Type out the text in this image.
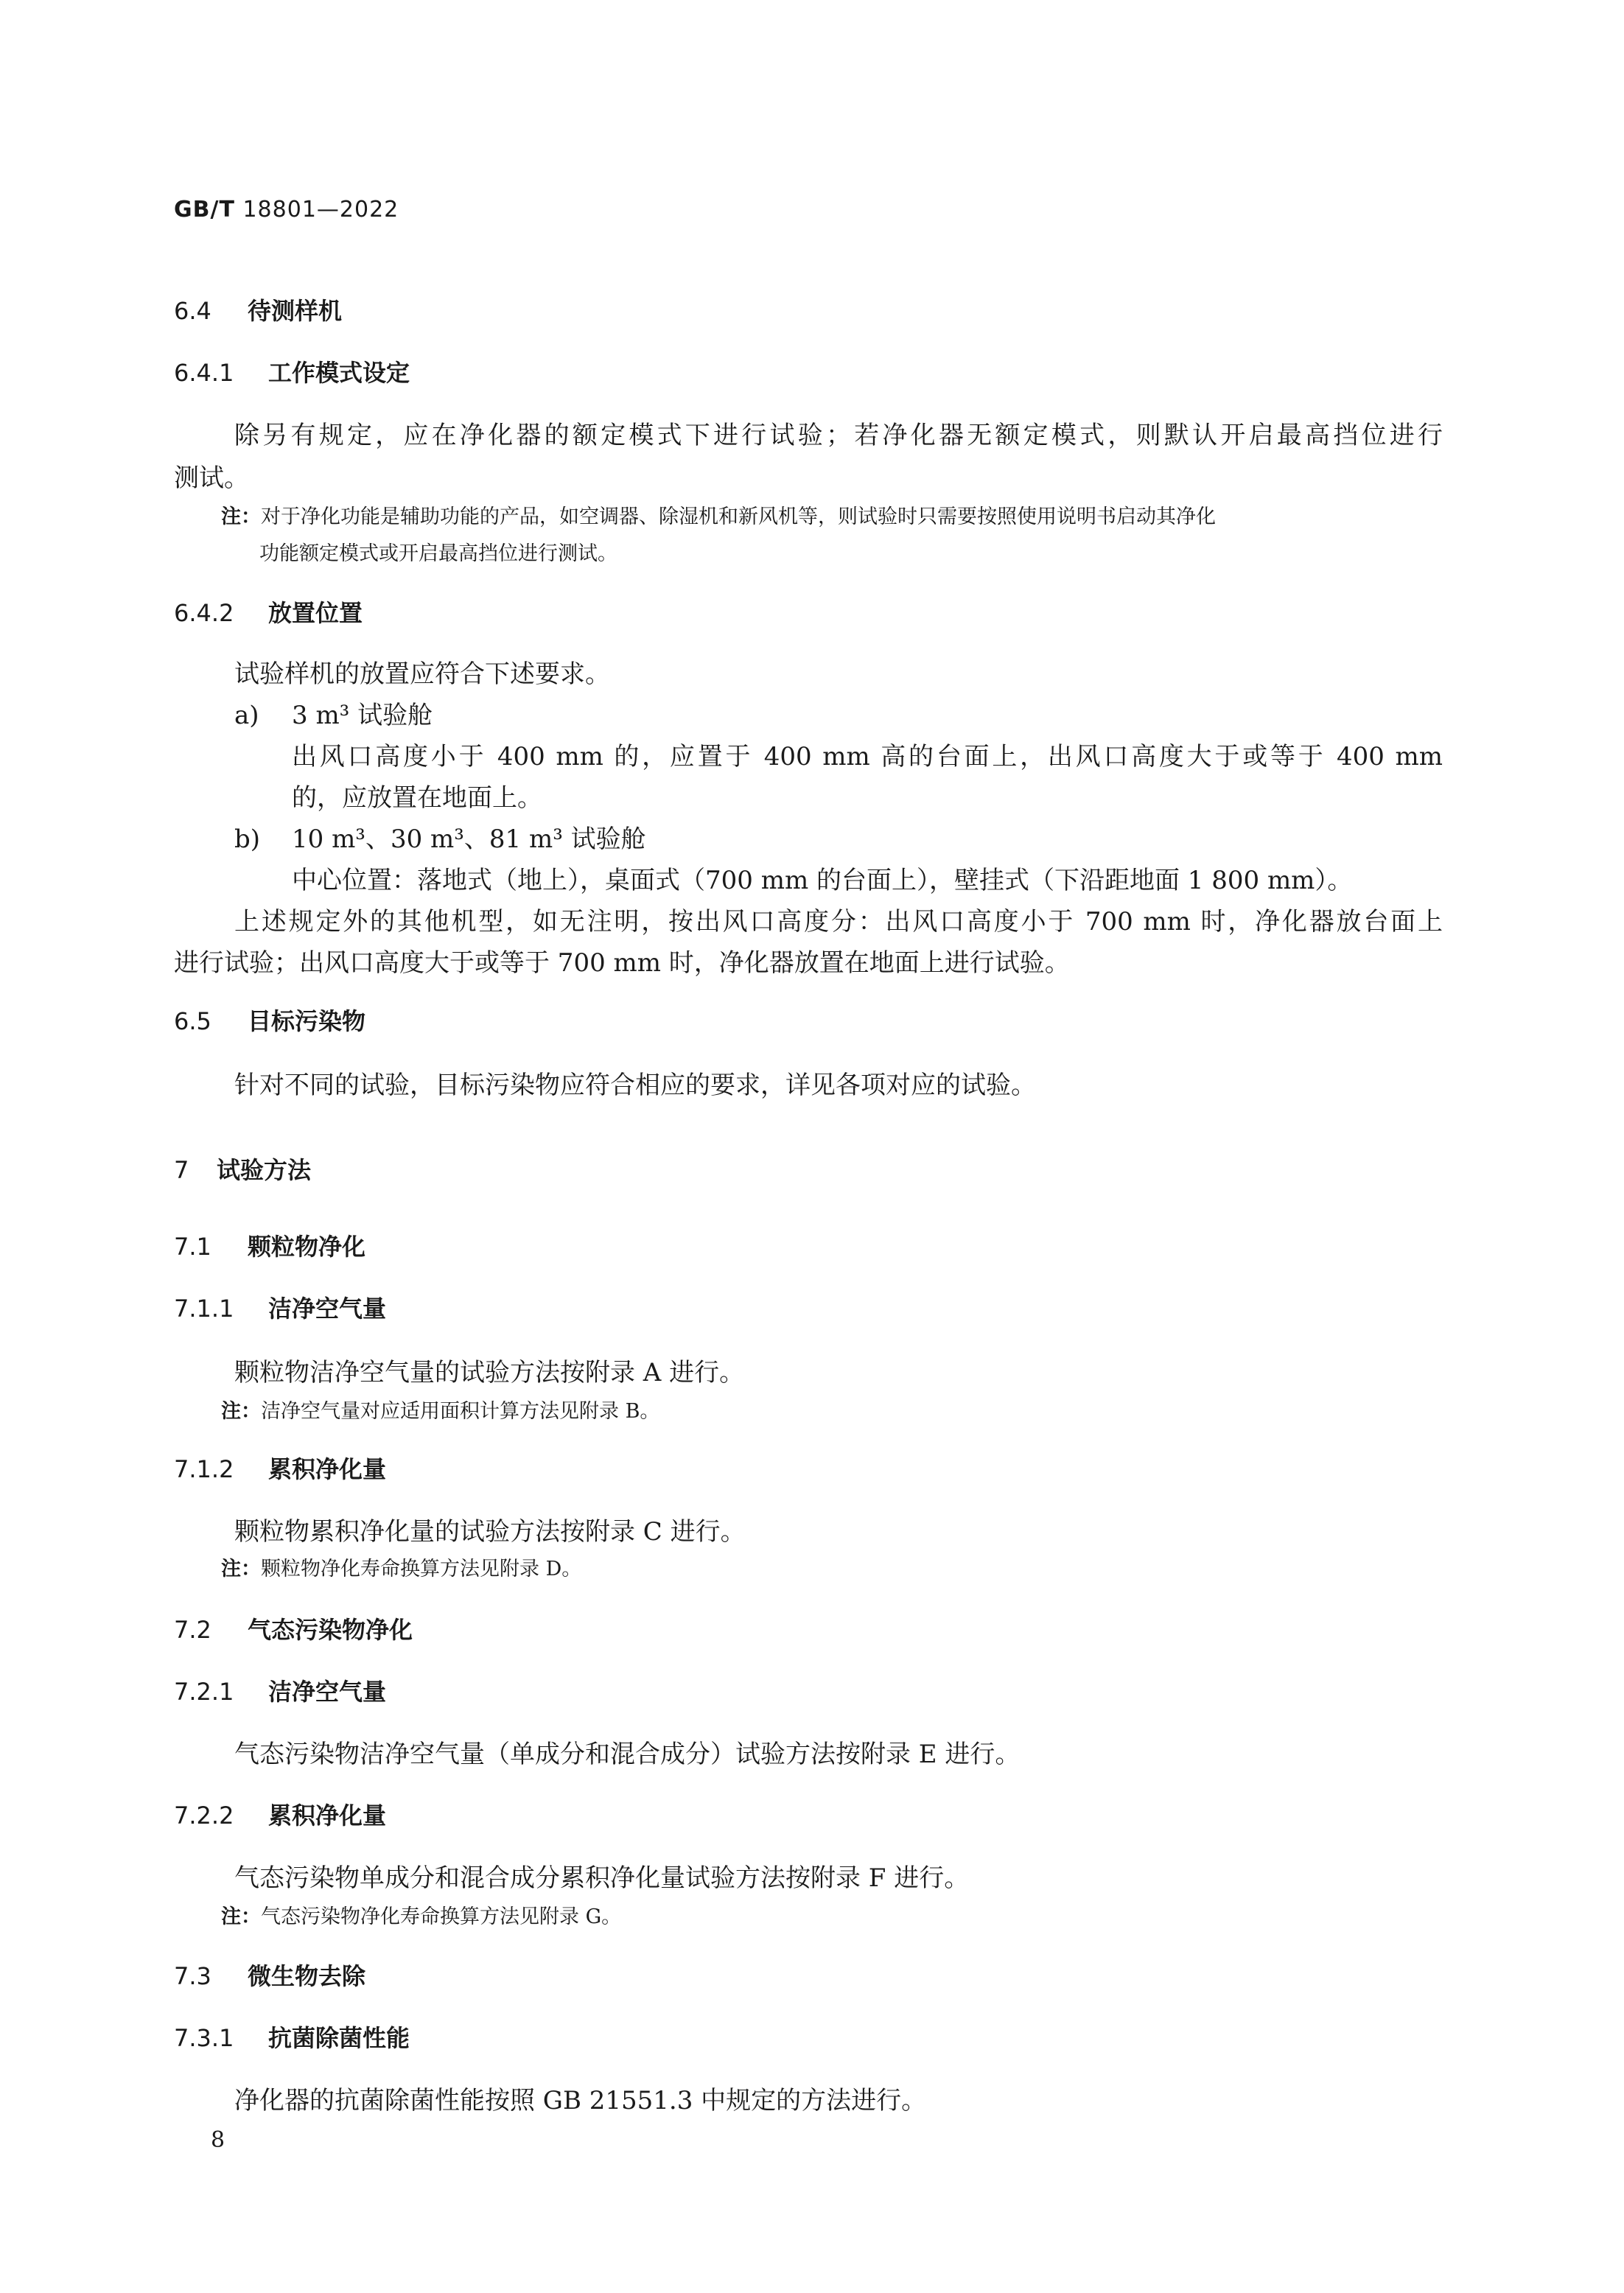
GB/T 18801—2022
6.4 待测样机
6.4.1 工作模式设定
除另有规定，应在净化器的额定模式下进行试验；若净化器无额定模式，则默认开启最高挡位进行
测试。
注：对于净化功能是辅助功能的产品，如空调器、除湿机和新风机等，则试验时只需要按照使用说明书启动其净化
功能额定模式或开启最高挡位进行测试。
6.4.2 放置位置
试验样机的放置应符合下述要求。
a) 3 m³ 试验舱
出风口高度小于 400 mm 的，应置于 400 mm 高的台面上，出风口高度大于或等于 400 mm
的，应放置在地面上。
b) 10 m³、30 m³、81 m³ 试验舱
中心位置：落地式（地上），桌面式（700 mm 的台面上），壁挂式（下沿距地面 1 800 mm）。
上述规定外的其他机型，如无注明，按出风口高度分：出风口高度小于 700 mm 时，净化器放台面上
进行试验；出风口高度大于或等于 700 mm 时，净化器放置在地面上进行试验。
6.5 目标污染物
针对不同的试验，目标污染物应符合相应的要求，详见各项对应的试验。
7 试验方法
7.1 颗粒物净化
7.1.1 洁净空气量
颗粒物洁净空气量的试验方法按附录 A 进行。
注：洁净空气量对应适用面积计算方法见附录 B。
7.1.2 累积净化量
颗粒物累积净化量的试验方法按附录 C 进行。
注：颗粒物净化寿命换算方法见附录 D。
7.2 气态污染物净化
7.2.1 洁净空气量
气态污染物洁净空气量（单成分和混合成分）试验方法按附录 E 进行。
7.2.2 累积净化量
气态污染物单成分和混合成分累积净化量试验方法按附录 F 进行。
注：气态污染物净化寿命换算方法见附录 G。
7.3 微生物去除
7.3.1 抗菌除菌性能
净化器的抗菌除菌性能按照 GB 21551.3 中规定的方法进行。
8
